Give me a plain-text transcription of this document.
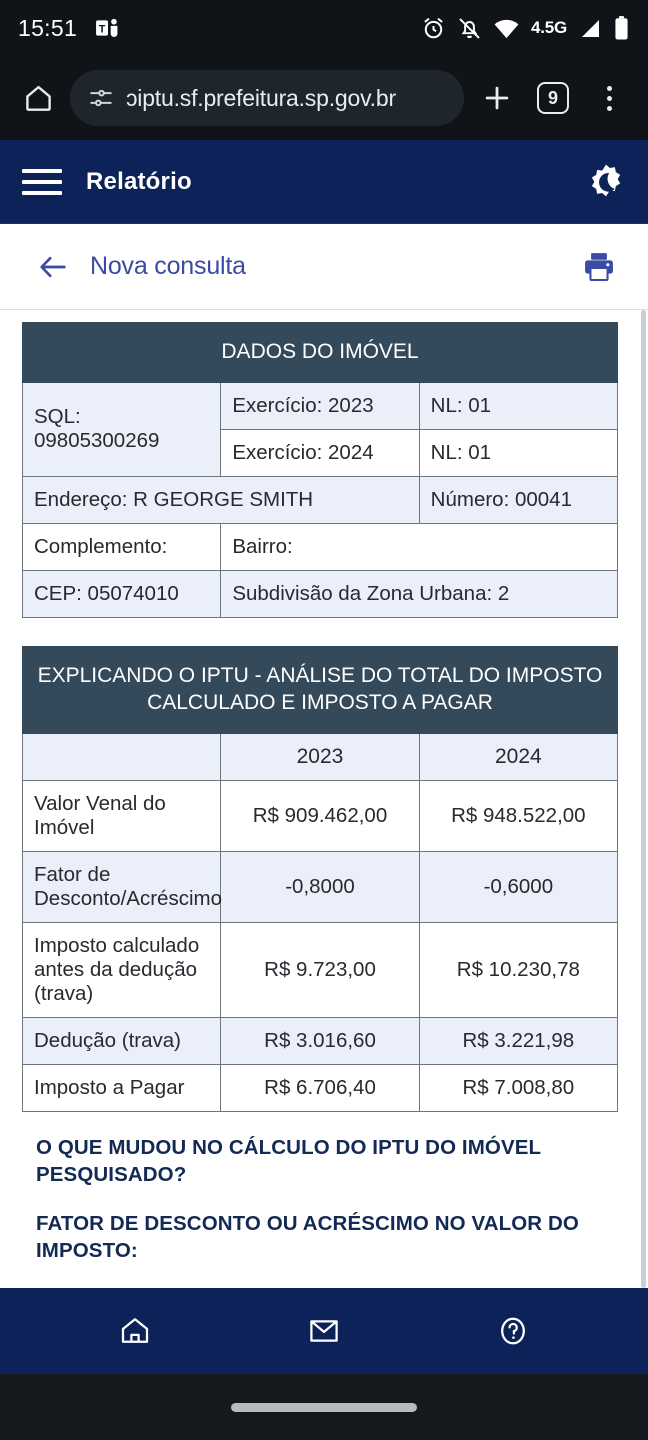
15:51 T	4.5G
ɔiptu.sf.prefeitura.sp.gov.br	9
Relatório
Nova consulta
DADOS DO IMÓVEL		
SQL: 09805300269	Exercício: 2023	NL: 01
	Exercício: 2024	NL: 01
Endereço: R GEORGE SMITH		Número: 00041
Complemento:	Bairro:	
CEP: 05074010	Subdivisão da Zona Urbana: 2	
EXPLICANDO O IPTU - ANÁLISE DO TOTAL DO IMPOSTO CALCULADO E IMPOSTO A PAGAR		
	2023	2024
Valor Venal do Imóvel	R$ 909.462,00	R$ 948.522,00
Fator de Desconto/Acréscimo	-0,8000	-0,6000
Imposto calculado antes da dedução (trava)	R$ 9.723,00	R$ 10.230,78
Dedução (trava)	R$ 3.016,60	R$ 3.221,98
Imposto a Pagar	R$ 6.706,40	R$ 7.008,80
O QUE MUDOU NO CÁLCULO DO IPTU DO IMÓVEL PESQUISADO?
FATOR DE DESCONTO OU ACRÉSCIMO NO VALOR DO IMPOSTO:
